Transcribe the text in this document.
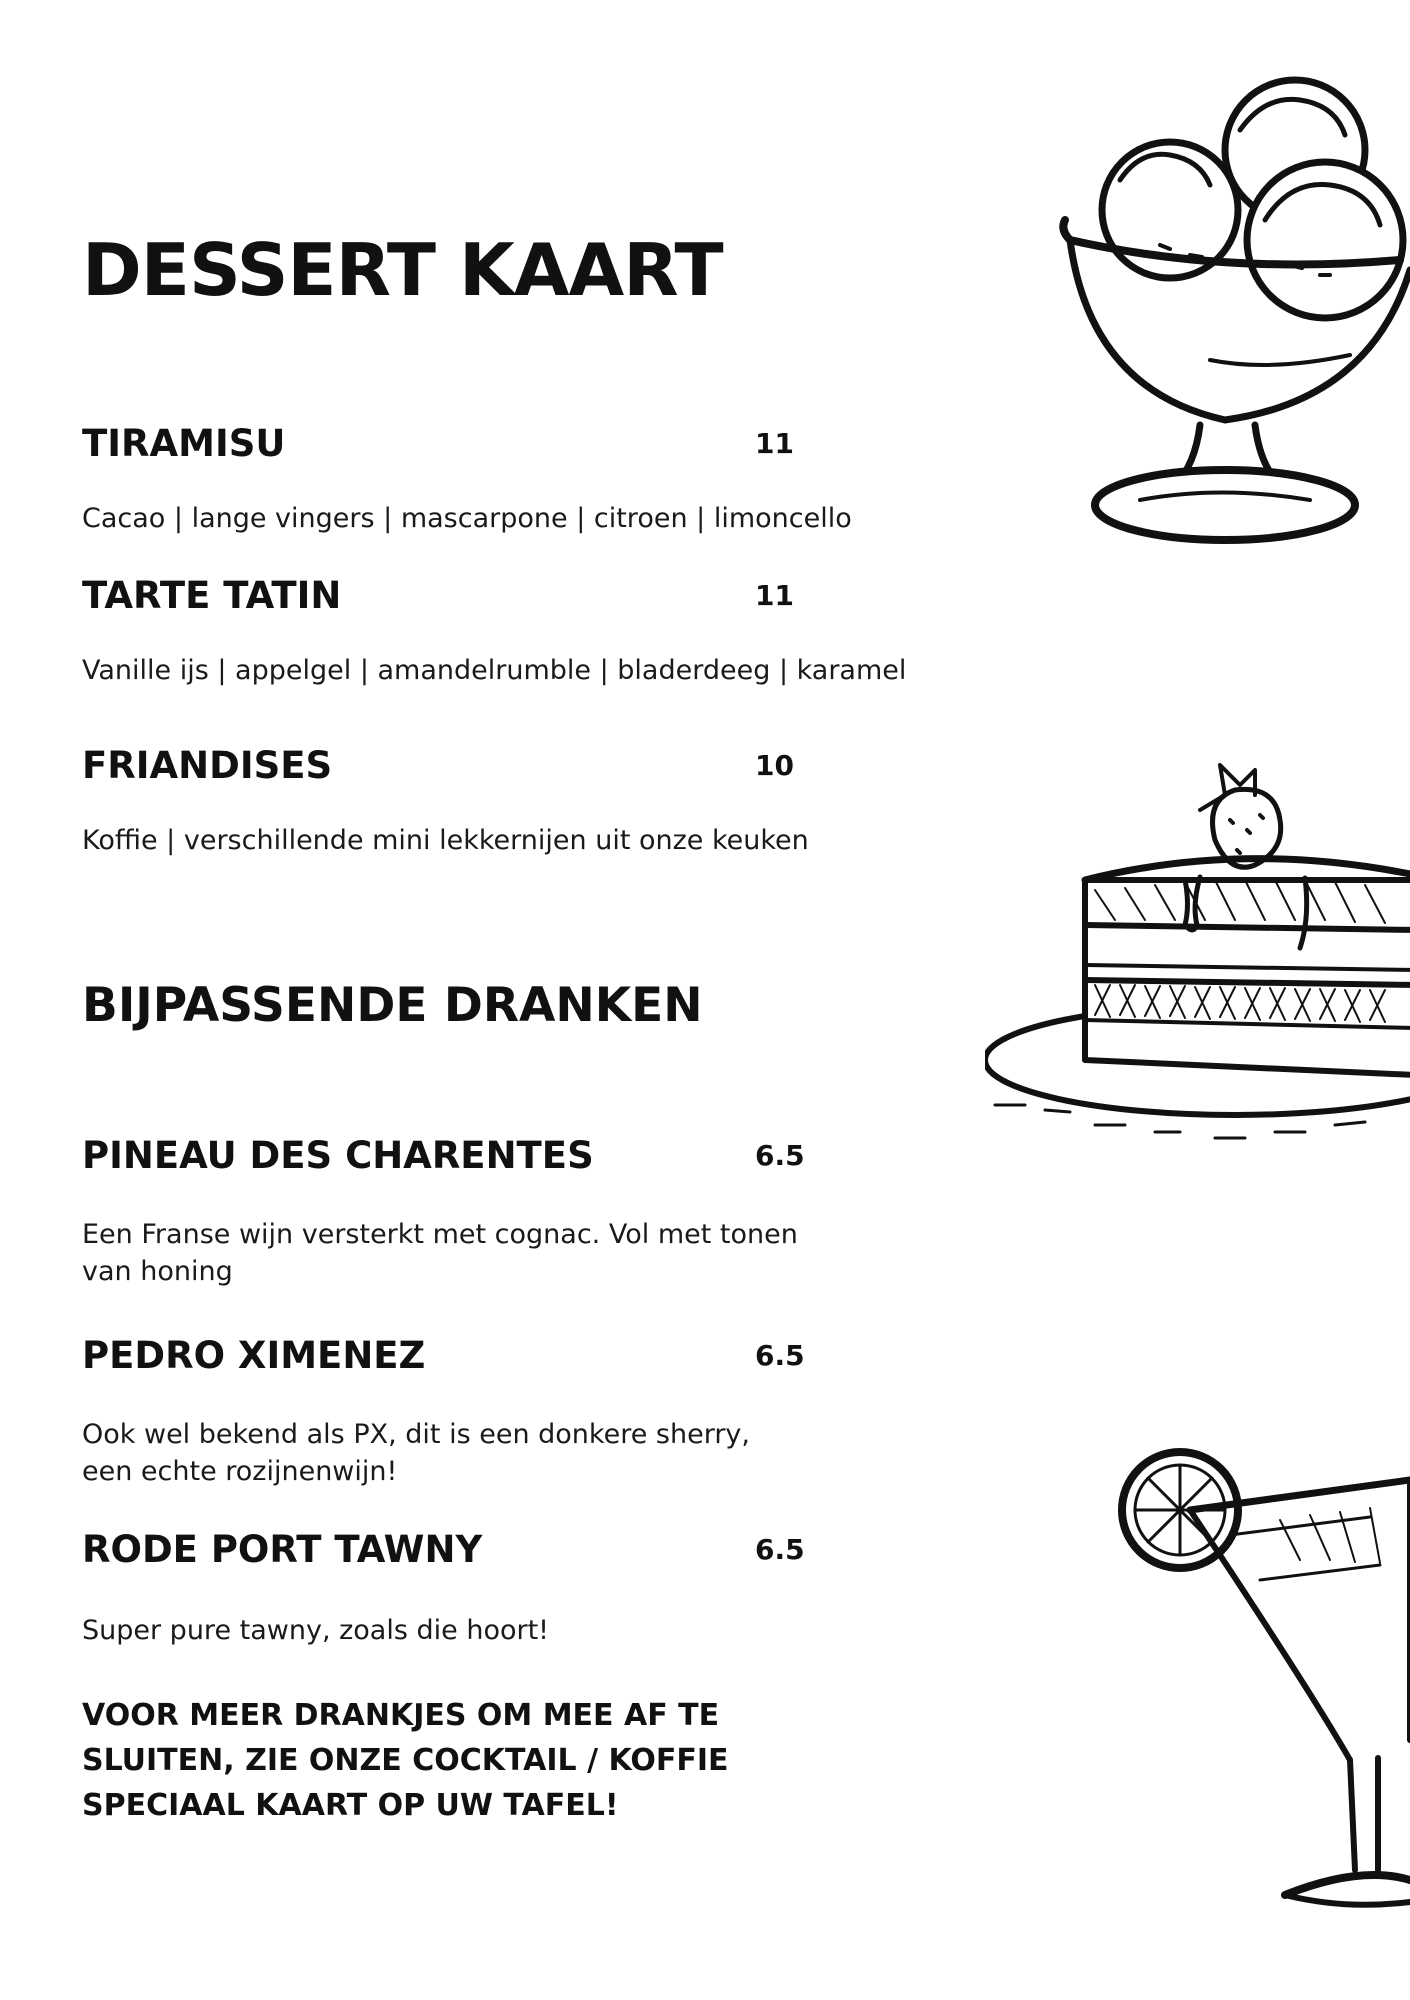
DESSERT KAART
TIRAMISU	11
Cacao | lange vingers | mascarpone | citroen | limoncello
TARTE TATIN	11
Vanille ijs | appelgel | amandelrumble | bladerdeeg | karamel
FRIANDISES	10
Koffie | verschillende mini lekkernijen uit onze keuken
BIJPASSENDE DRANKEN
PINEAU DES CHARENTES	6.5
Een Franse wijn versterkt met cognac. Vol met tonen van honing
PEDRO XIMENEZ	6.5
Ook wel bekend als PX, dit is een donkere sherry, een echte rozijnenwijn!
RODE PORT TAWNY	6.5
Super pure tawny, zoals die hoort!

VOOR MEER DRANKJES OM MEE AF TE SLUITEN, ZIE ONZE COCKTAIL / KOFFIE SPECIAAL KAART OP UW TAFEL!
